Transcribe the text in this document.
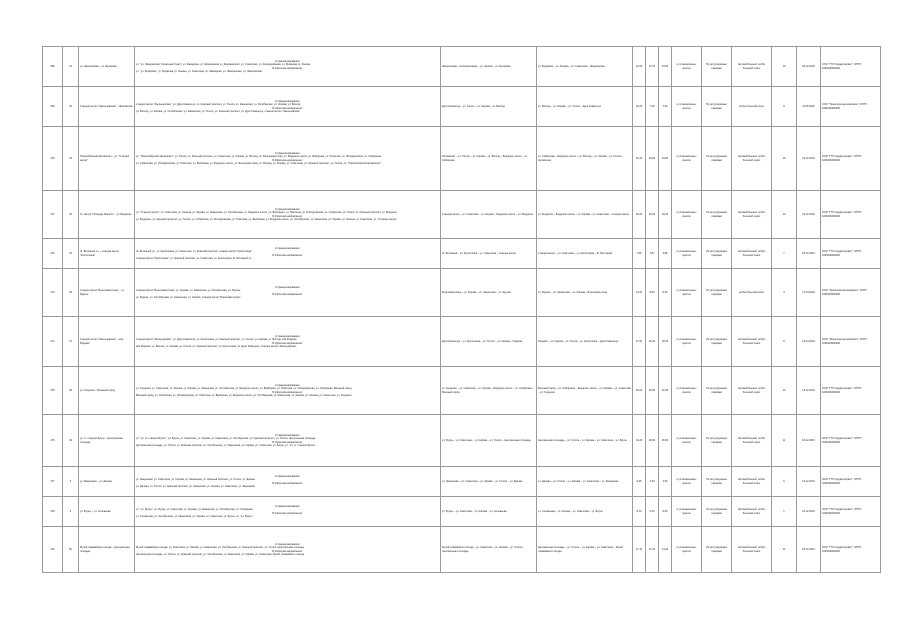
468	41	ул. Жмеринская – ул. Бухарова	Аттракционирования:
ул. "ул. Жмеринская" (Конечный пункт), ул. Заводская, ул. Жмеринская ул. Дзержинского, ул. Советская, ул. Кооперативная, ул. Бухарова ул. Ленина
В обратном направлении:
ул. "ул. Бухарова", ул. Бухарова ул. Ленина, ул. Советская, ул. Заводская, ул. Жмеринская, ул. Жмеринская	Жмеринская – Кооперативная – ул. Ленина – ул. Бухарова	ул. Бухарова – ул. Ленина – ул. Советская – Жмеринская	12,66	14,70	24,64	в установленных пунктах	По регулируемым тарифам	Автомобильный, особо большой класс	10	03.12.2015	ООО "ГТК Гордарссервис", ОГРН: 1025400000000
469	42	Станция метро "Заельцовская" – Жилмассив	Аттракционирования:
станция метро "Заельцовская", ул. Дуси Ковальчук, ул. Красный проспект, ул. Гоголя, ул. Каменская, ул. Октябрьская, ул. Кирова, ул. Восход
В обратном направлении:
ул. Восход, ул. Кирова, ул. Октябрьская, ул. Каменская, ул. Гоголя, ул. Красный проспект, ул. Дуси Ковальчук, станция метро "Заельцовская"	Дуси Ковальчук – ул. Гоголя – ул. Кирова – ул. Восход	ул. Восход – ул. Кирова – ул. Гоголя – Дуси Ковальчук	16,25	7,46	7,90	в установленных пунктах	По регулируемым тарифам	особо большой класс	9	11.09.2020	ООО "Транспортная компания", ОГРН: 1095400000000
470	43	Новосибирский автовокзал – ул. "Станция метро"	Аттракционирования:
ул. "Новосибирский автовокзал", ул. Гоголя, ул. Красный проспект, ул. Советская, ул. Кирова, ул. Восход, ул. Большевистская, ул. Бердское шоссе, ул. Выборная, ул. Никитина, ул. Ипподромская, ул. Сибирская
В обратном направлении:
ул. Сибирская, ул. Ипподромская, ул. Никитина, ул. Выборная, ул. Бердское шоссе, ул. Большевистская, ул. Восход, ул. Кирова, ул. Советская, ул. Красный проспект, ул. Гоголя, ул. "Новосибирский автовокзал"	Автовокзал – ул. Гоголя – ул. Кирова – ул. Восход – Бердское шоссе – ул. Сибирская	ул. Сибирская – Бердское шоссе – ул. Восход – ул. Кирова – ул. Гоголя – Автовокзал	32,43	44,60	34,80	в установленных пунктах	По регулируемым тарифам	Автомобильный, особо большой класс	16	16.12.2015	ООО "ГТК Гордарссервис", ОГРН: 1025400000000
471	44	Ст. метро "Площадь Маркса" – ул. Бердское	Аттракционирования:
ул. "Станция метро", ул. Советская, ул. Ленина, ул. Кирова, ул. Каменская, ул. Октябрьская, ул. Бердское шоссе, ул. Выборная, ул. Никитина, ул. Ипподромская, ул. Сибирская, ул. Гоголя, ул. Красный проспект, ул. Бердское
В обратном направлении:
ул. Бердское, ул. Красный проспект, ул. Гоголя, ул. Сибирская, ул. Ипподромская, ул. Никитина, ул. Выборная, ул. Бердское шоссе, ул. Октябрьская, ул. Каменская, ул. Кирова, ул. Ленина, ул. Советская, ул. "Станция метро"	Станция метро – ул. Советская – ул. Кирова – Бердское шоссе – ул. Бердское	ул. Бердское – Бердское шоссе – ул. Кирова – ул. Советская – Станция метро	18,20	15,20	18,20	в установленных пунктах	По регулируемым тарифам	Автомобильный, особо большой класс	10	16.12.2020	ООО "ГТК Гордарссервис", ОГРН: 1025400000000
472	45	Ж. Бетонный ул. – станция метро "Кропоткина"	Аттракционирования:
Ж. Бетонный ул., ул. Кропоткина, ул. Советская, ул. Красный проспект, станция метро "Кропоткина"
В обратном направлении:
станция метро "Кропоткина", ул. Красный проспект, ул. Советская, ул. Кропоткина, Ж. Бетонный ул.	Ж. Бетонный – ул. Кропоткина – ул. Советская – станция метро	станция метро – ул. Советская – ул. Кропоткина – Ж. Бетонный	7,95	3,87	3,86	в установленных пунктах	По регулируемым тарифам	Автомобильный, особо большой класс	7	03.12.2015	ООО "ГТК Гордарссервис", ОГРН: 1025400000000
473	46	станция метро "Березовая роща" – ул. Фрунзе	Аттракционирования:
станция метро "Березовая роща", ул. Кирова, ул. Каменская, ул. Октябрьская, ул. Фрунзе
В обратном направлении:
ул. Фрунзе, ул. Октябрьская, ул. Каменская, ул. Кирова, станция метро "Березовая роща"	Березовая роща – ул. Кирова – ул. Каменская – ул. Фрунзе	ул. Фрунзе – ул. Каменская – ул. Кирова – Березовая роща	13,22	8,50	6,20	в установленных пунктах	По регулируемым тарифам	особо большой класс	3	17.04.2019	ООО "Транспортная компания", ОГРН: 1095400000000
474	47	Станция метро "Заельцовская" – ж/м Родники	Аттракционирования:
станция метро "Заельцовская", ул. Дуси Ковальчук, ул. Кропоткина, ул. Красный проспект, ул. Гоголя, ул. Кирова, ул. Восход, ж/м Родники
В обратном направлении:
ж/м Родники, ул. Восход, ул. Кирова, ул. Гоголя, ул. Красный проспект, ул. Кропоткина, ул. Дуси Ковальчук, станция метро "Заельцовская"	Дуси Ковальчук – ул. Кропоткина – ул. Гоголя – ул. Кирова – Родники	Родники – ул. Кирова – ул. Гоголя – ул. Кропоткина – Дуси Ковальчук	17,00	16,10	18,20	в установленных пунктах	По регулируемым тарифам	Автомобильный, особо большой класс	8	13.04.2019	ООО "Транспортная компания", ОГРН: 1095400000000
475	48	ул. Геодезия – Военный город	Аттракционирования:
ул. Геодезия, ул. Советская, ул. Ленина, ул. Кирова, ул. Каменская, ул. Октябрьская, ул. Бердское шоссе, ул. Выборная, ул. Никитина, ул. Ипподромская, ул. Сибирская, Военный город
В обратном направлении:
Военный город, ул. Сибирская, ул. Ипподромская, ул. Никитина, ул. Выборная, ул. Бердское шоссе, ул. Октябрьская, ул. Каменская, ул. Кирова, ул. Ленина, ул. Советская, ул. Геодезия	ул. Геодезия – ул. Советская – ул. Кирова – Бердское шоссе – ул. Сибирская – Военный город	Военный город – ул. Сибирская – Бердское шоссе – ул. Кирова – ул. Советская – ул. Геодезия	30,00	31,80	32,00	в установленных пунктах	По регулируемым тарифам	Автомобильный, особо большой класс	13	13.12.2015	ООО "ГТК Гордарссервис", ОГРН: 1025400000000
476	49	ул. ст. станция Бугры – Центральная площадь	Аттракционирования:
ул. "ул. ст. станция Бугры", ул. Бугры, ул. Советская, ул. Кирова, ул. Каменская, ул. Октябрьская, ул. Красный проспект, ул. Гоголя, Центральная площадь
В обратном направлении:
Центральная площадь, ул. Гоголя, ул. Красный проспект, ул. Октябрьская, ул. Каменская, ул. Кирова, ул. Советская, ул. Бугры, ул. "ул. ст. станция Бугры"	ул. Бугры – ул. Советская – ул. Кирова – ул. Гоголя – Центральная площадь	Центральная площадь – ул. Гоголя – ул. Кирова – ул. Советская – ул. Бугры	24,20	18,60	26,90	в установленных пунктах	По регулируемым тарифам	Автомобильный, особо большой класс	11	03.12.2015	ООО "ГТК Гордарссервис", ОГРН: 1025400000000
477	4	ул. Зверинная – ул. Дачная	Аттракционирования:
ул. Зверинная, ул. Советская, ул. Кирова, ул. Каменская, ул. Красный проспект, ул. Гоголя, ул. Дачная
В обратном направлении:
ул. Дачная, ул. Гоголя, ул. Красный проспект, ул. Каменская, ул. Кирова, ул. Советская, ул. Зверинная	ул. Зверинная – ул. Советская – ул. Кирова – ул. Гоголя – ул. Дачная	ул. Дачная – ул. Гоголя – ул. Кирова – ул. Советская – ул. Зверинная	9,45	3,30	4,50	в установленных пунктах	По регулируемым тарифам	Автомобильный, особо большой класс	6	13.12.2015	ООО "ГТК Гордарссервис", ОГРН: 1025400000000
478	5	ул. Бугры – ул. Соловьева	Аттракционирования:
ул. "ул. Бугры", ул. Бугры, ул. Советская, ул. Кирова, ул. Каменская, ул. Октябрьская, ул. Соловьева
В обратном направлении:
ул. Соловьева, ул. Октябрьская, ул. Каменская, ул. Кирова, ул. Советская, ул. Бугры, ул. "ул. Бугры"	ул. Бугры – ул. Советская – ул. Кирова – ул. Соловьева	ул. Соловьева – ул. Кирова – ул. Советская – ул. Бугры	8,10	6,10	8,00	в установленных пунктах	По регулируемым тарифам	Автомобильный, особо большой класс	1	16.12.2015	ООО "ГТК Гордарссервис", ОГРН: 1025400000000
479	50	Музей трамвайного поезда – Центральная площадь	Аттракционирования:
Музей трамвайного поезда, ул. Советская, ул. Кирова, ул. Каменская, ул. Октябрьская, ул. Красный проспект, ул. Гоголя, Центральная площадь
В обратном направлении:
Центральная площадь, ул. Гоголя, ул. Красный проспект, ул. Октябрьская, ул. Каменская, ул. Кирова, ул. Советская, Музей трамвайного поезда	Музей трамвайного поезда – ул. Советская – ул. Кирова – ул. Гоголя – Центральная площадь	Центральная площадь – ул. Гоголя – ул. Кирова – ул. Советская – Музей трамвайного поезда	17,10	17,10	14,20	в установленных пунктах	По регулируемым тарифам	Автомобильный, особо большой класс	11	03.12.2015	ООО "ГТК Гордарссервис", ОГРН: 1025400000000
